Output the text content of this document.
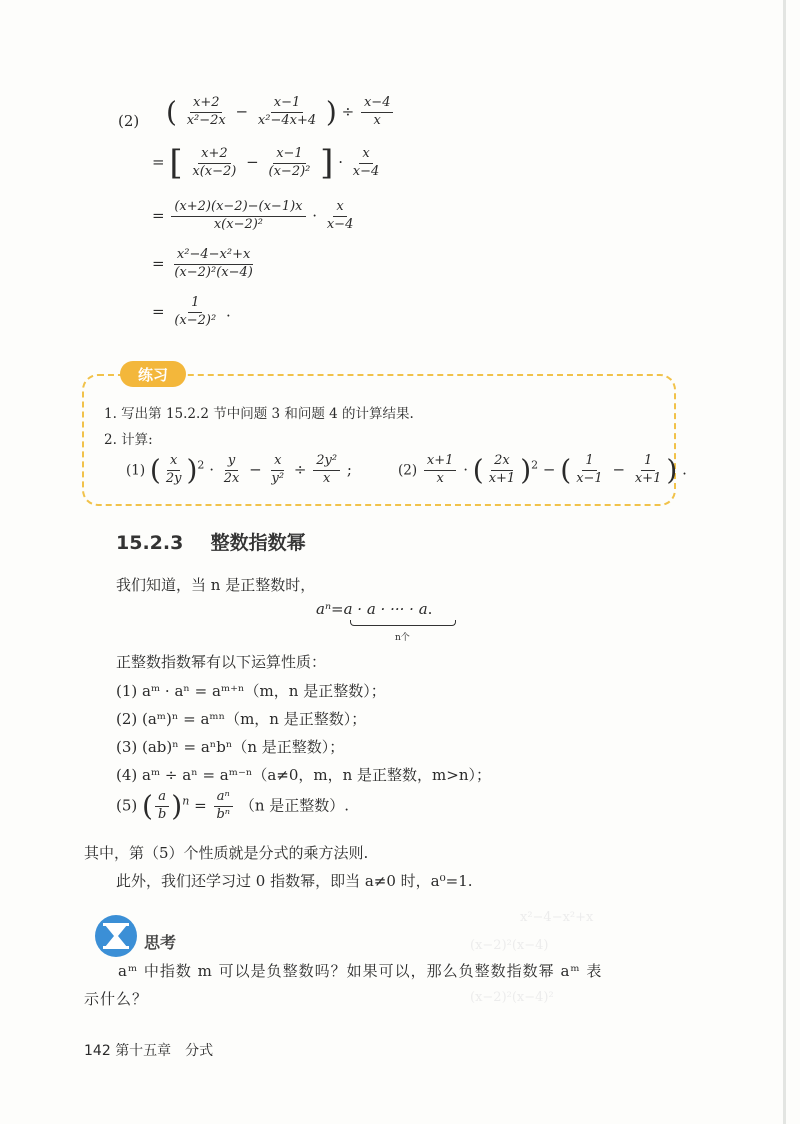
(2) ( $\frac{x+2}{\text{x²−2x}} - \frac{x-1}{\text{x²−4x+4}}$ ) ÷ $\frac{x-4}{x}$
= [ $\frac{x+2}{x(x-2)} - \frac{x-1}{\text{(x−2)²}}$ ] · $\frac{x}{x-4}$
= $\frac{(x+2)(x-2)-(x-1)x}{\text{x(x−2)²}} \cdot \frac{x}{x-4}$
= $\frac{\text{x²−4−x²+x}}{\text{(x−2)²(x−4)}}$
= $\frac{1}{\text{(x−2)²}}$ .
练习
1. 写出第 15.2.2 节中问题 3 和问题 4 的计算结果.
2. 计算:
(1) ( $\frac{x}{2y} )^2 \cdot \frac{y}{2x} - \frac{x}{\text{y²}} \div \frac{\text{2y²}}{x}$ ;	$(2) \frac{x+1}{x}$ · ( $\frac{2x}{x+1} )^2$ − ( $\frac{1}{x-1} - \frac{1}{x+1}$ ) .
15.2.3 整数指数幂
我们知道，当 n 是正整数时，
aⁿ=a · a · ··· · a.
n个
正整数指数幂有以下运算性质：
(1) aᵐ · aⁿ = aᵐ⁺ⁿ（m，n 是正整数）；
(2) (aᵐ)ⁿ = aᵐⁿ（m，n 是正整数）；
(3) (ab)ⁿ = aⁿbⁿ（n 是正整数）；
(4) aᵐ ÷ aⁿ = aᵐ⁻ⁿ（a≠0，m，n 是正整数，m>n）；
(5) ( $\frac{a}{b} )^n = \frac{\text{aⁿ}}{\text{bⁿ}} (n$ 是正整数）.
其中，第（5）个性质就是分式的乘方法则.
此外，我们还学习过 0 指数幂，即当 a≠0 时，a⁰=1.
x²−4−x²+x
(x−2)²(x−4)
(x−2)²(x−4)²
思考
aᵐ 中指数 m 可以是负整数吗？如果可以，那么负整数指数幂 aᵐ 表
示什么？
142 第十五章　分式
